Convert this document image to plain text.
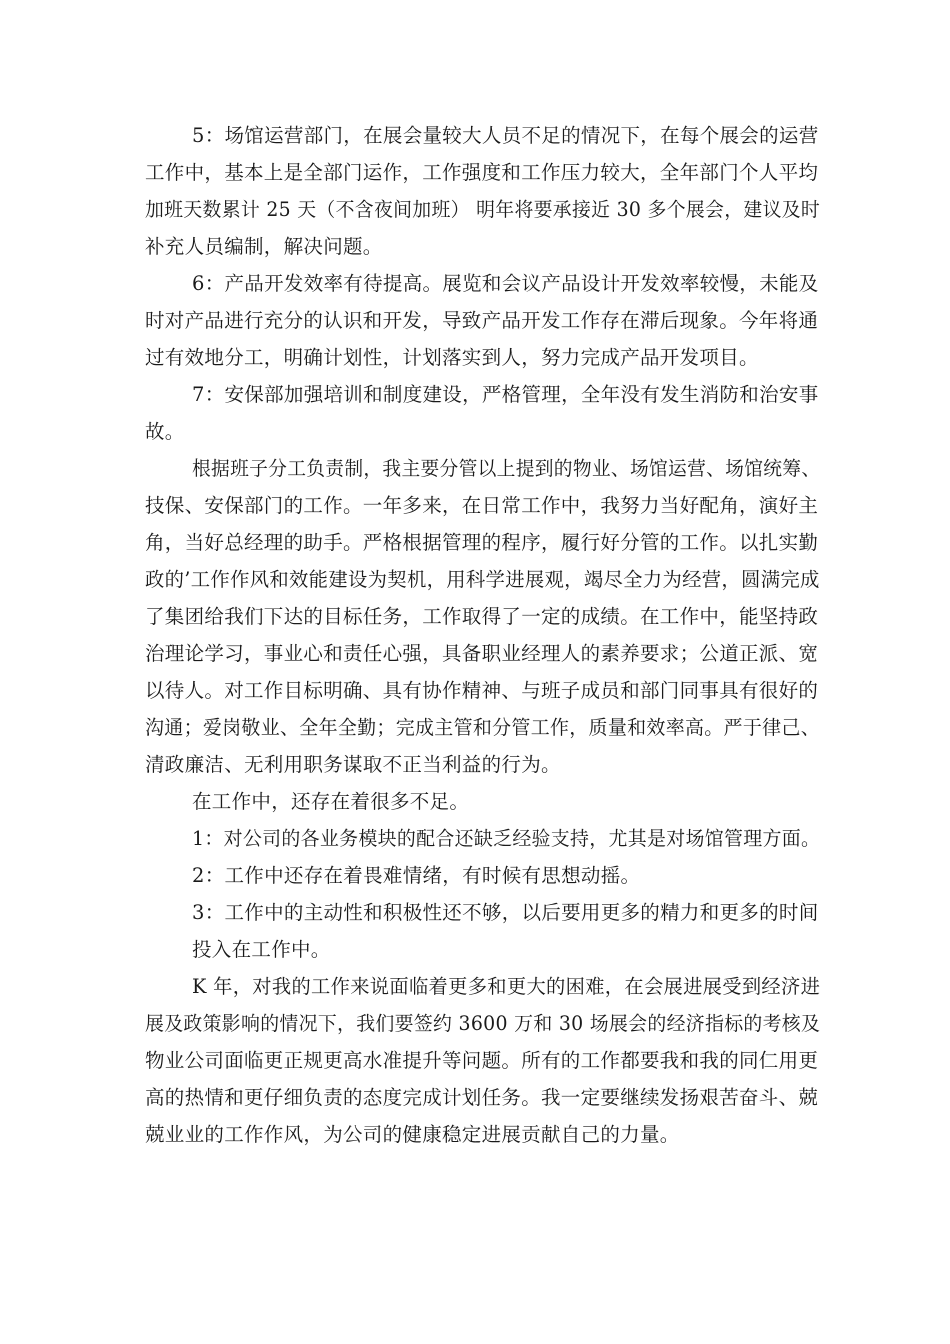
5：场馆运营部门，在展会量较大人员不足的情况下，在每个展会的运营
工作中，基本上是全部门运作，工作强度和工作压力较大，全年部门个人平均
加班天数累计 25 天（不含夜间加班） 明年将要承接近 30 多个展会，建议及时
补充人员编制，解决问题。
6：产品开发效率有待提高。展览和会议产品设计开发效率较慢，未能及
时对产品进行充分的认识和开发，导致产品开发工作存在滞后现象。今年将通
过有效地分工，明确计划性，计划落实到人，努力完成产品开发项目。
7：安保部加强培训和制度建设，严格管理，全年没有发生消防和治安事
故。
根据班子分工负责制，我主要分管以上提到的物业、场馆运营、场馆统筹、
技保、安保部门的工作。一年多来，在日常工作中，我努力当好配角，演好主
角，当好总经理的助手。严格根据管理的程序，履行好分管的工作。以扎实勤
政的’工作作风和效能建设为契机，用科学进展观，竭尽全力为经营，圆满完成
了集团给我们下达的目标任务，工作取得了一定的成绩。在工作中，能坚持政
治理论学习，事业心和责任心强，具备职业经理人的素养要求；公道正派、宽
以待人。对工作目标明确、具有协作精神、与班子成员和部门同事具有很好的
沟通；爱岗敬业、全年全勤；完成主管和分管工作，质量和效率高。严于律己、
清政廉洁、无利用职务谋取不正当利益的行为。
在工作中，还存在着很多不足。
1：对公司的各业务模块的配合还缺乏经验支持，尤其是对场馆管理方面。
2：工作中还存在着畏难情绪，有时候有思想动摇。
3：工作中的主动性和积极性还不够，以后要用更多的精力和更多的时间
投入在工作中。
K 年，对我的工作来说面临着更多和更大的困难，在会展进展受到经济进
展及政策影响的情况下，我们要签约 3600 万和 30 场展会的经济指标的考核及
物业公司面临更正规更高水准提升等问题。所有的工作都要我和我的同仁用更
高的热情和更仔细负责的态度完成计划任务。我一定要继续发扬艰苦奋斗、兢
兢业业的工作作风，为公司的健康稳定进展贡献自己的力量。
